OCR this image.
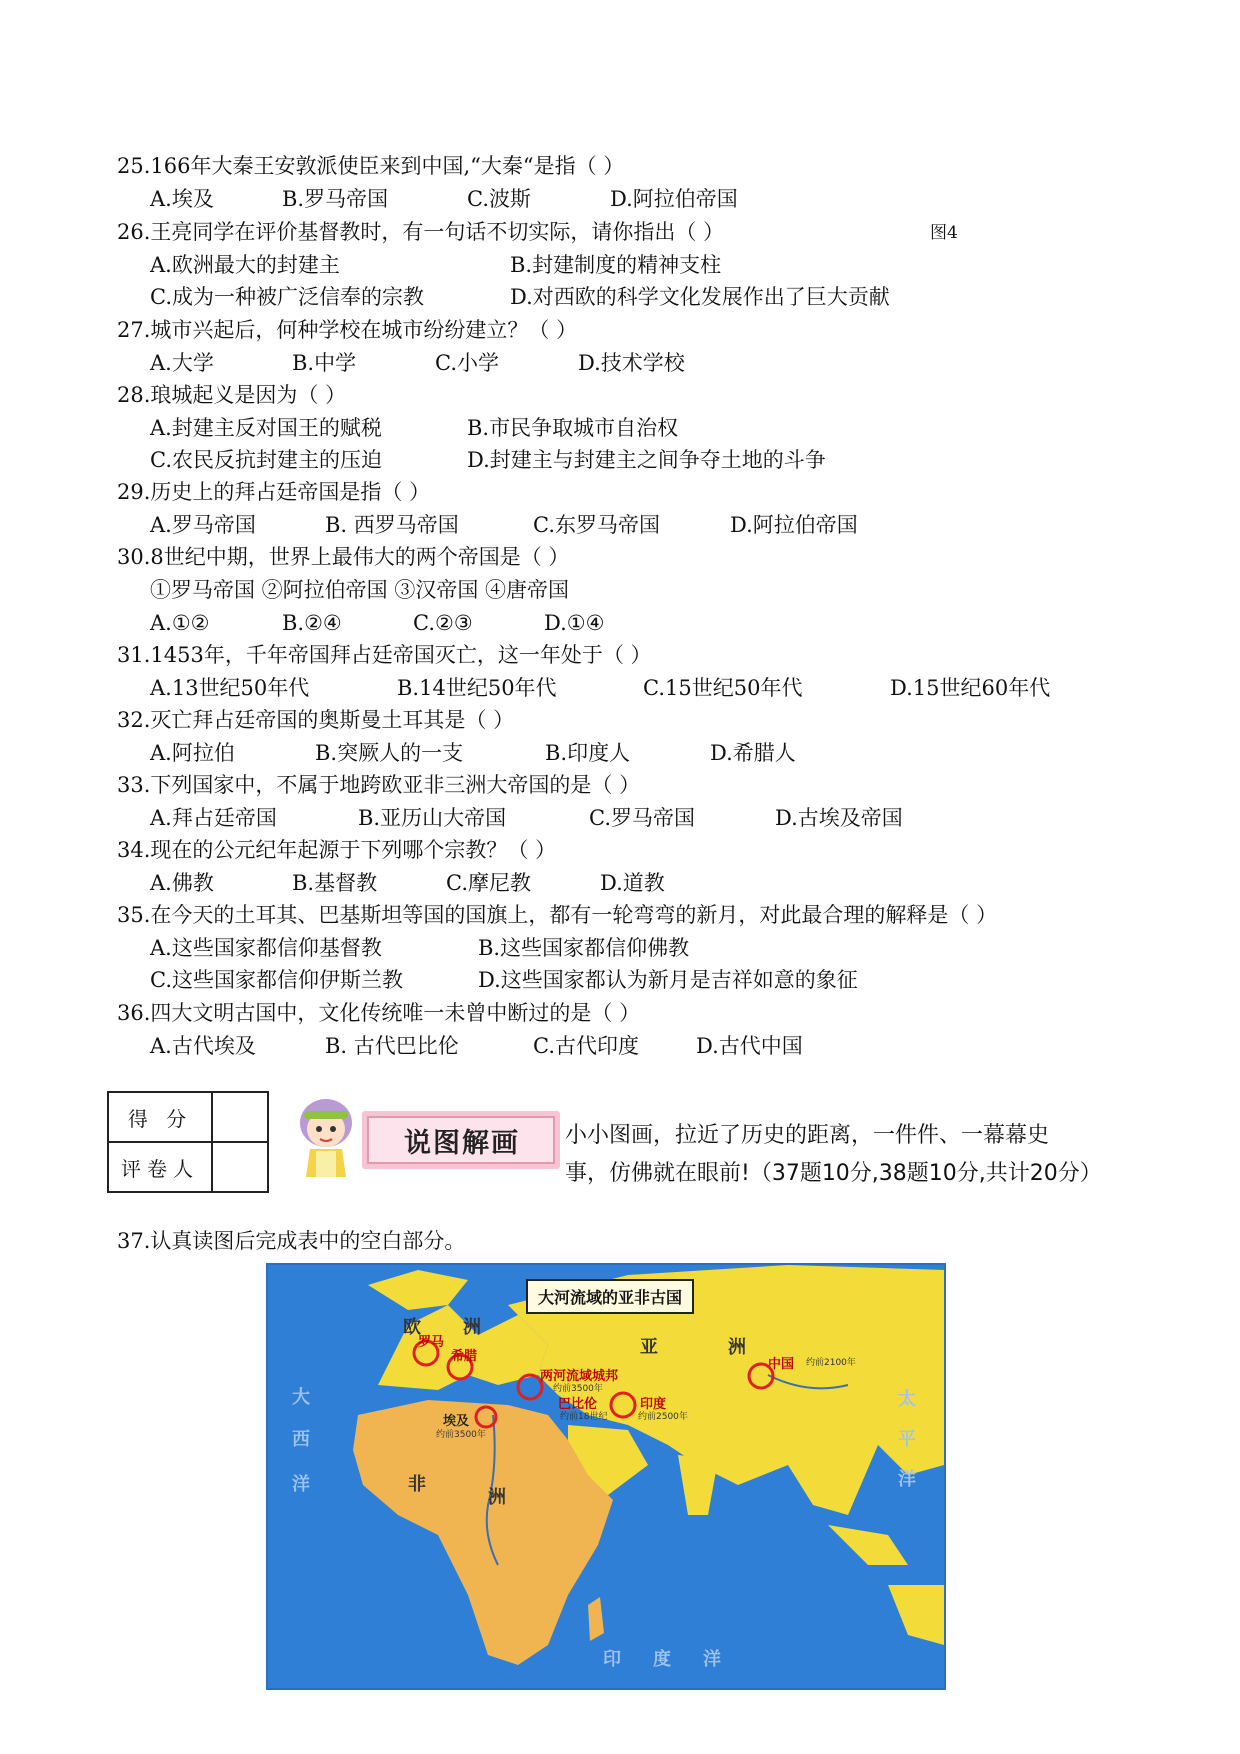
25.166年大秦王安敦派使臣来到中国,“大秦“是指（ ）
A.埃及	B.罗马帝国	C.波斯	D.阿拉伯帝国
26.王亮同学在评价基督教时，有一句话不切实际，请你指出（ ）	图4
A.欧洲最大的封建主	B.封建制度的精神支柱
C.成为一种被广泛信奉的宗教	D.对西欧的科学文化发展作出了巨大贡献
27.城市兴起后，何种学校在城市纷纷建立？（ ）
A.大学	B.中学	C.小学	D.技术学校
28.琅城起义是因为（ ）
A.封建主反对国王的赋税	B.市民争取城市自治权
C.农民反抗封建主的压迫	D.封建主与封建主之间争夺土地的斗争
29.历史上的拜占廷帝国是指（ ）
A.罗马帝国	B. 西罗马帝国	C.东罗马帝国	D.阿拉伯帝国
30.8世纪中期，世界上最伟大的两个帝国是（ ）
①罗马帝国 ②阿拉伯帝国 ③汉帝国 ④唐帝国
A.①②	B.②④	C.②③	D.①④
31.1453年，千年帝国拜占廷帝国灭亡，这一年处于（ ）
A.13世纪50年代	B.14世纪50年代	C.15世纪50年代	D.15世纪60年代
32.灭亡拜占廷帝国的奥斯曼土耳其是（ ）
A.阿拉伯	B.突厥人的一支	B.印度人	D.希腊人
33.下列国家中，不属于地跨欧亚非三洲大帝国的是（ ）
A.拜占廷帝国	B.亚历山大帝国	C.罗马帝国	D.古埃及帝国
34.现在的公元纪年起源于下列哪个宗教？（ ）
A.佛教	B.基督教	C.摩尼教	D.道教
35.在今天的土耳其、巴基斯坦等国的国旗上，都有一轮弯弯的新月，对此最合理的解释是（ ）
A.这些国家都信仰基督教	B.这些国家都信仰佛教
C.这些国家都信仰伊斯兰教	D.这些国家都认为新月是吉祥如意的象征
36.四大文明古国中，文化传统唯一未曾中断过的是（ ）
A.古代埃及	B. 古代巴比伦	C.古代印度	D.古代中国
得 分	
评卷人	
说图解画	小小图画，拉近了历史的距离，一件件、一幕幕史
事，仿佛就在眼前!（37题10分,38题10分,共计20分）
37.认真读图后完成表中的空白部分。
大河流域的亚非古国
欧 洲
亚	洲
非
洲
罗马
希腊
埃及
两河流域城邦
巴比伦	印度
中国
约前3500年
约前3500年
约前18世纪	约前2500年
约前2100年
大
西
洋
太
平
洋
印 度 洋
